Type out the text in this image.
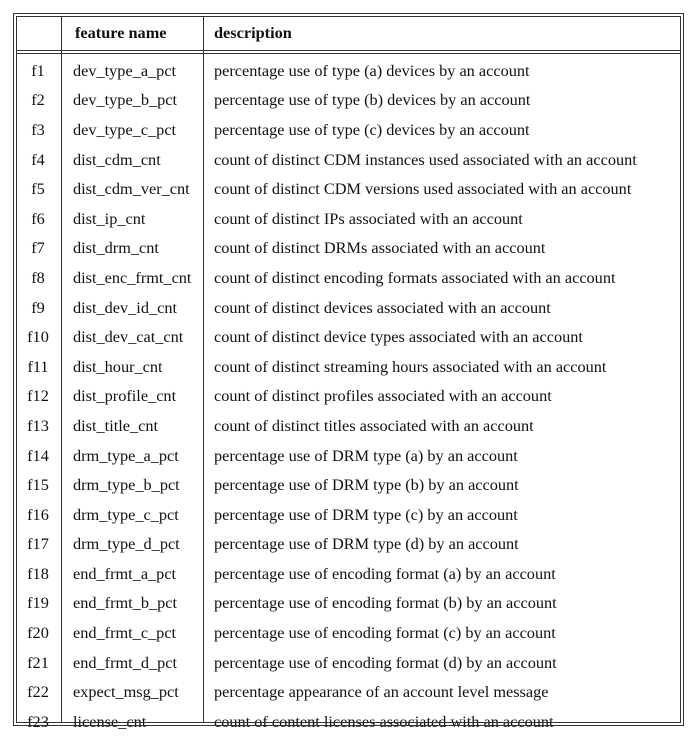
	feature name	description
f1	dev_type_a_pct	percentage use of type (a) devices by an account
f2	dev_type_b_pct	percentage use of type (b) devices by an account
f3	dev_type_c_pct	percentage use of type (c) devices by an account
f4	dist_cdm_cnt	count of distinct CDM instances used associated with an account
f5	dist_cdm_ver_cnt	count of distinct CDM versions used associated with an account
f6	dist_ip_cnt	count of distinct IPs associated with an account
f7	dist_drm_cnt	count of distinct DRMs associated with an account
f8	dist_enc_frmt_cnt	count of distinct encoding formats associated with an account
f9	dist_dev_id_cnt	count of distinct devices associated with an account
f10	dist_dev_cat_cnt	count of distinct device types associated with an account
f11	dist_hour_cnt	count of distinct streaming hours associated with an account
f12	dist_profile_cnt	count of distinct profiles associated with an account
f13	dist_title_cnt	count of distinct titles associated with an account
f14	drm_type_a_pct	percentage use of DRM type (a) by an account
f15	drm_type_b_pct	percentage use of DRM type (b) by an account
f16	drm_type_c_pct	percentage use of DRM type (c) by an account
f17	drm_type_d_pct	percentage use of DRM type (d) by an account
f18	end_frmt_a_pct	percentage use of encoding format (a) by an account
f19	end_frmt_b_pct	percentage use of encoding format (b) by an account
f20	end_frmt_c_pct	percentage use of encoding format (c) by an account
f21	end_frmt_d_pct	percentage use of encoding format (d) by an account
f22	expect_msg_pct	percentage appearance of an account level message
f23	license_cnt	count of content licenses associated with an account
